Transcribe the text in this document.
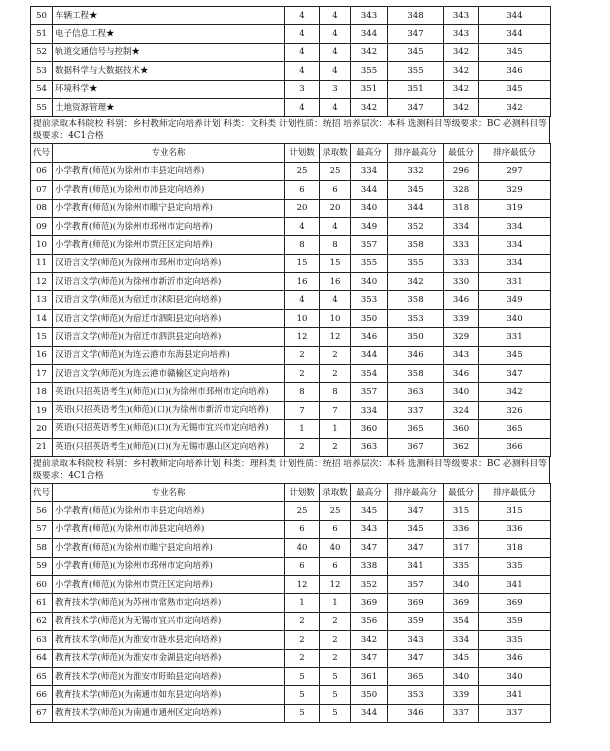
50	车辆工程★	4	4	343	348	343	344
51	电子信息工程★	4	4	344	347	343	344
52	轨道交通信号与控制★	4	4	342	345	342	345
53	数据科学与大数据技术★	4	4	355	355	342	346
54	环境科学★	3	3	351	351	342	345
55	土地资源管理★	4	4	342	347	342	342
提前录取本科院校 科别：乡村教师定向培养计划 科类：文科类 计划性质：统招 培养层次：本科 选测科目等级要求：BC 必测科目等级要求：4C1合格
代号	专业名称	计划数	录取数	最高分	排序最高分	最低分	排序最低分
06	小学教育(师范)(为徐州市丰县定向培养)	25	25	334	332	296	297
07	小学教育(师范)(为徐州市沛县定向培养)	6	6	344	345	328	329
08	小学教育(师范)(为徐州市睢宁县定向培养)	20	20	340	344	318	319
09	小学教育(师范)(为徐州市邳州市定向培养)	4	4	349	352	334	334
10	小学教育(师范)(为徐州市贾汪区定向培养)	8	8	357	358	333	334
11	汉语言文学(师范)(为徐州市邳州市定向培养)	15	15	355	355	333	334
12	汉语言文学(师范)(为徐州市新沂市定向培养)	16	16	340	342	330	331
13	汉语言文学(师范)(为宿迁市沭阳县定向培养)	4	4	353	358	346	349
14	汉语言文学(师范)(为宿迁市泗阳县定向培养)	10	10	350	353	339	340
15	汉语言文学(师范)(为宿迁市泗洪县定向培养)	12	12	346	350	329	331
16	汉语言文学(师范)(为连云港市东海县定向培养)	2	2	344	346	343	345
17	汉语言文学(师范)(为连云港市赣榆区定向培养)	2	2	354	358	346	347
18	英语(只招英语考生)(师范)(口)(为徐州市邳州市定向培养)	8	8	357	363	340	342
19	英语(只招英语考生)(师范)(口)(为徐州市新沂市定向培养)	7	7	334	337	324	326
20	英语(只招英语考生)(师范)(口)(为无锡市宜兴市定向培养)	1	1	360	365	360	365
21	英语(只招英语考生)(师范)(口)(为无锡市惠山区定向培养)	2	2	363	367	362	366
提前录取本科院校 科别：乡村教师定向培养计划 科类：理科类 计划性质：统招 培养层次：本科 选测科目等级要求：BC 必测科目等级要求：4C1合格
代号	专业名称	计划数	录取数	最高分	排序最高分	最低分	排序最低分
56	小学教育(师范)(为徐州市丰县定向培养)	25	25	345	347	315	315
57	小学教育(师范)(为徐州市沛县定向培养)	6	6	343	345	336	336
58	小学教育(师范)(为徐州市睢宁县定向培养)	40	40	347	347	317	318
59	小学教育(师范)(为徐州市邳州市定向培养)	6	6	338	341	335	335
60	小学教育(师范)(为徐州市贾汪区定向培养)	12	12	352	357	340	341
61	教育技术学(师范)(为苏州市常熟市定向培养)	1	1	369	369	369	369
62	教育技术学(师范)(为无锡市宜兴市定向培养)	2	2	356	359	354	359
63	教育技术学(师范)(为淮安市涟水县定向培养)	2	2	342	343	334	335
64	教育技术学(师范)(为淮安市金湖县定向培养)	2	2	347	347	345	346
65	教育技术学(师范)(为淮安市盱眙县定向培养)	5	5	361	365	340	340
66	教育技术学(师范)(为南通市如东县定向培养)	5	5	350	353	339	341
67	教育技术学(师范)(为南通市通州区定向培养)	5	5	344	346	337	337
